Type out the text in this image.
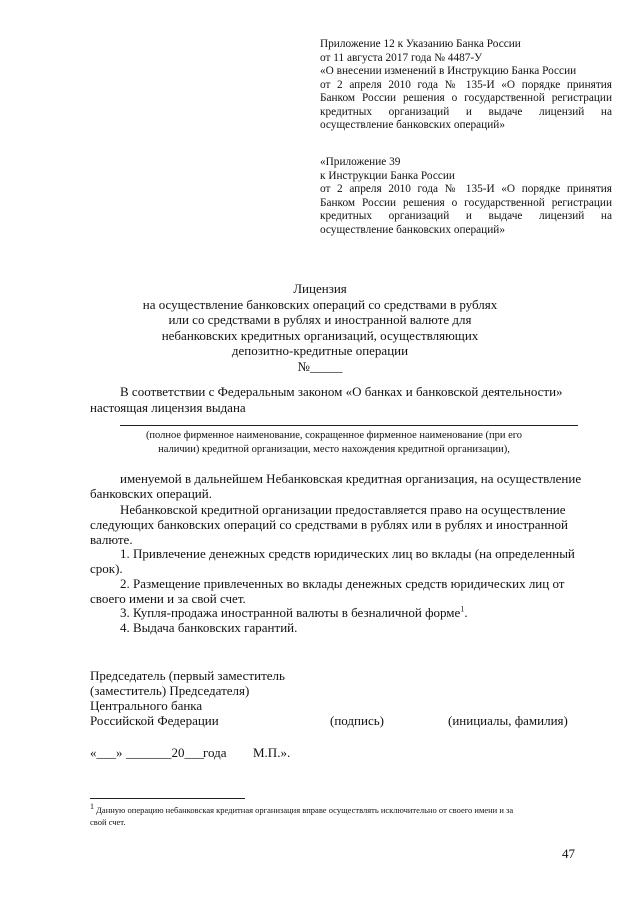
Приложение 12 к Указанию Банка России
от 11 августа 2017 года № 4487-У
«О внесении изменений в Инструкцию Банка России
от 2 апреля 2010 года № 135-И «О порядке принятия
Банком России решения о государственной регистрации
кредитных организаций и выдаче лицензий на
осуществление банковских операций»
«Приложение 39
к Инструкции Банка России
от 2 апреля 2010 года № 135-И «О порядке принятия
Банком России решения о государственной регистрации
кредитных организаций и выдаче лицензий на
осуществление банковских операций»
Лицензия
на осуществление банковских операций со средствами в рублях
или со средствами в рублях и иностранной валюте для
небанковских кредитных организаций, осуществляющих
депозитно-кредитные операции
№_____
В соответствии с Федеральным законом «О банках и банковской деятельности»
настоящая лицензия выдана
(полное фирменное наименование, сокращенное фирменное наименование (при его
наличии) кредитной организации, место нахождения кредитной организации),
именуемой в дальнейшем Небанковская кредитная организация, на осуществление
банковских операций.
Небанковской кредитной организации предоставляется право на осуществление
следующих банковских операций со средствами в рублях или в рублях и иностранной
валюте.
1. Привлечение денежных средств юридических лиц во вклады (на определенный
срок).
2. Размещение привлеченных во вклады денежных средств юридических лиц от
своего имени и за свой счет.
3. Купля-продажа иностранной валюты в безналичной форме$^1$.
4. Выдача банковских гарантий.
Председатель (первый заместитель
(заместитель) Председателя)
Центрального банка
Российской Федерации	(подпись)	(инициалы, фамилия)
«___» _______20___ года М.П.».
$^1$ Данную операцию небанковская кредитная организация вправе осуществлять исключительно от своего имени и за
свой счет.
47
